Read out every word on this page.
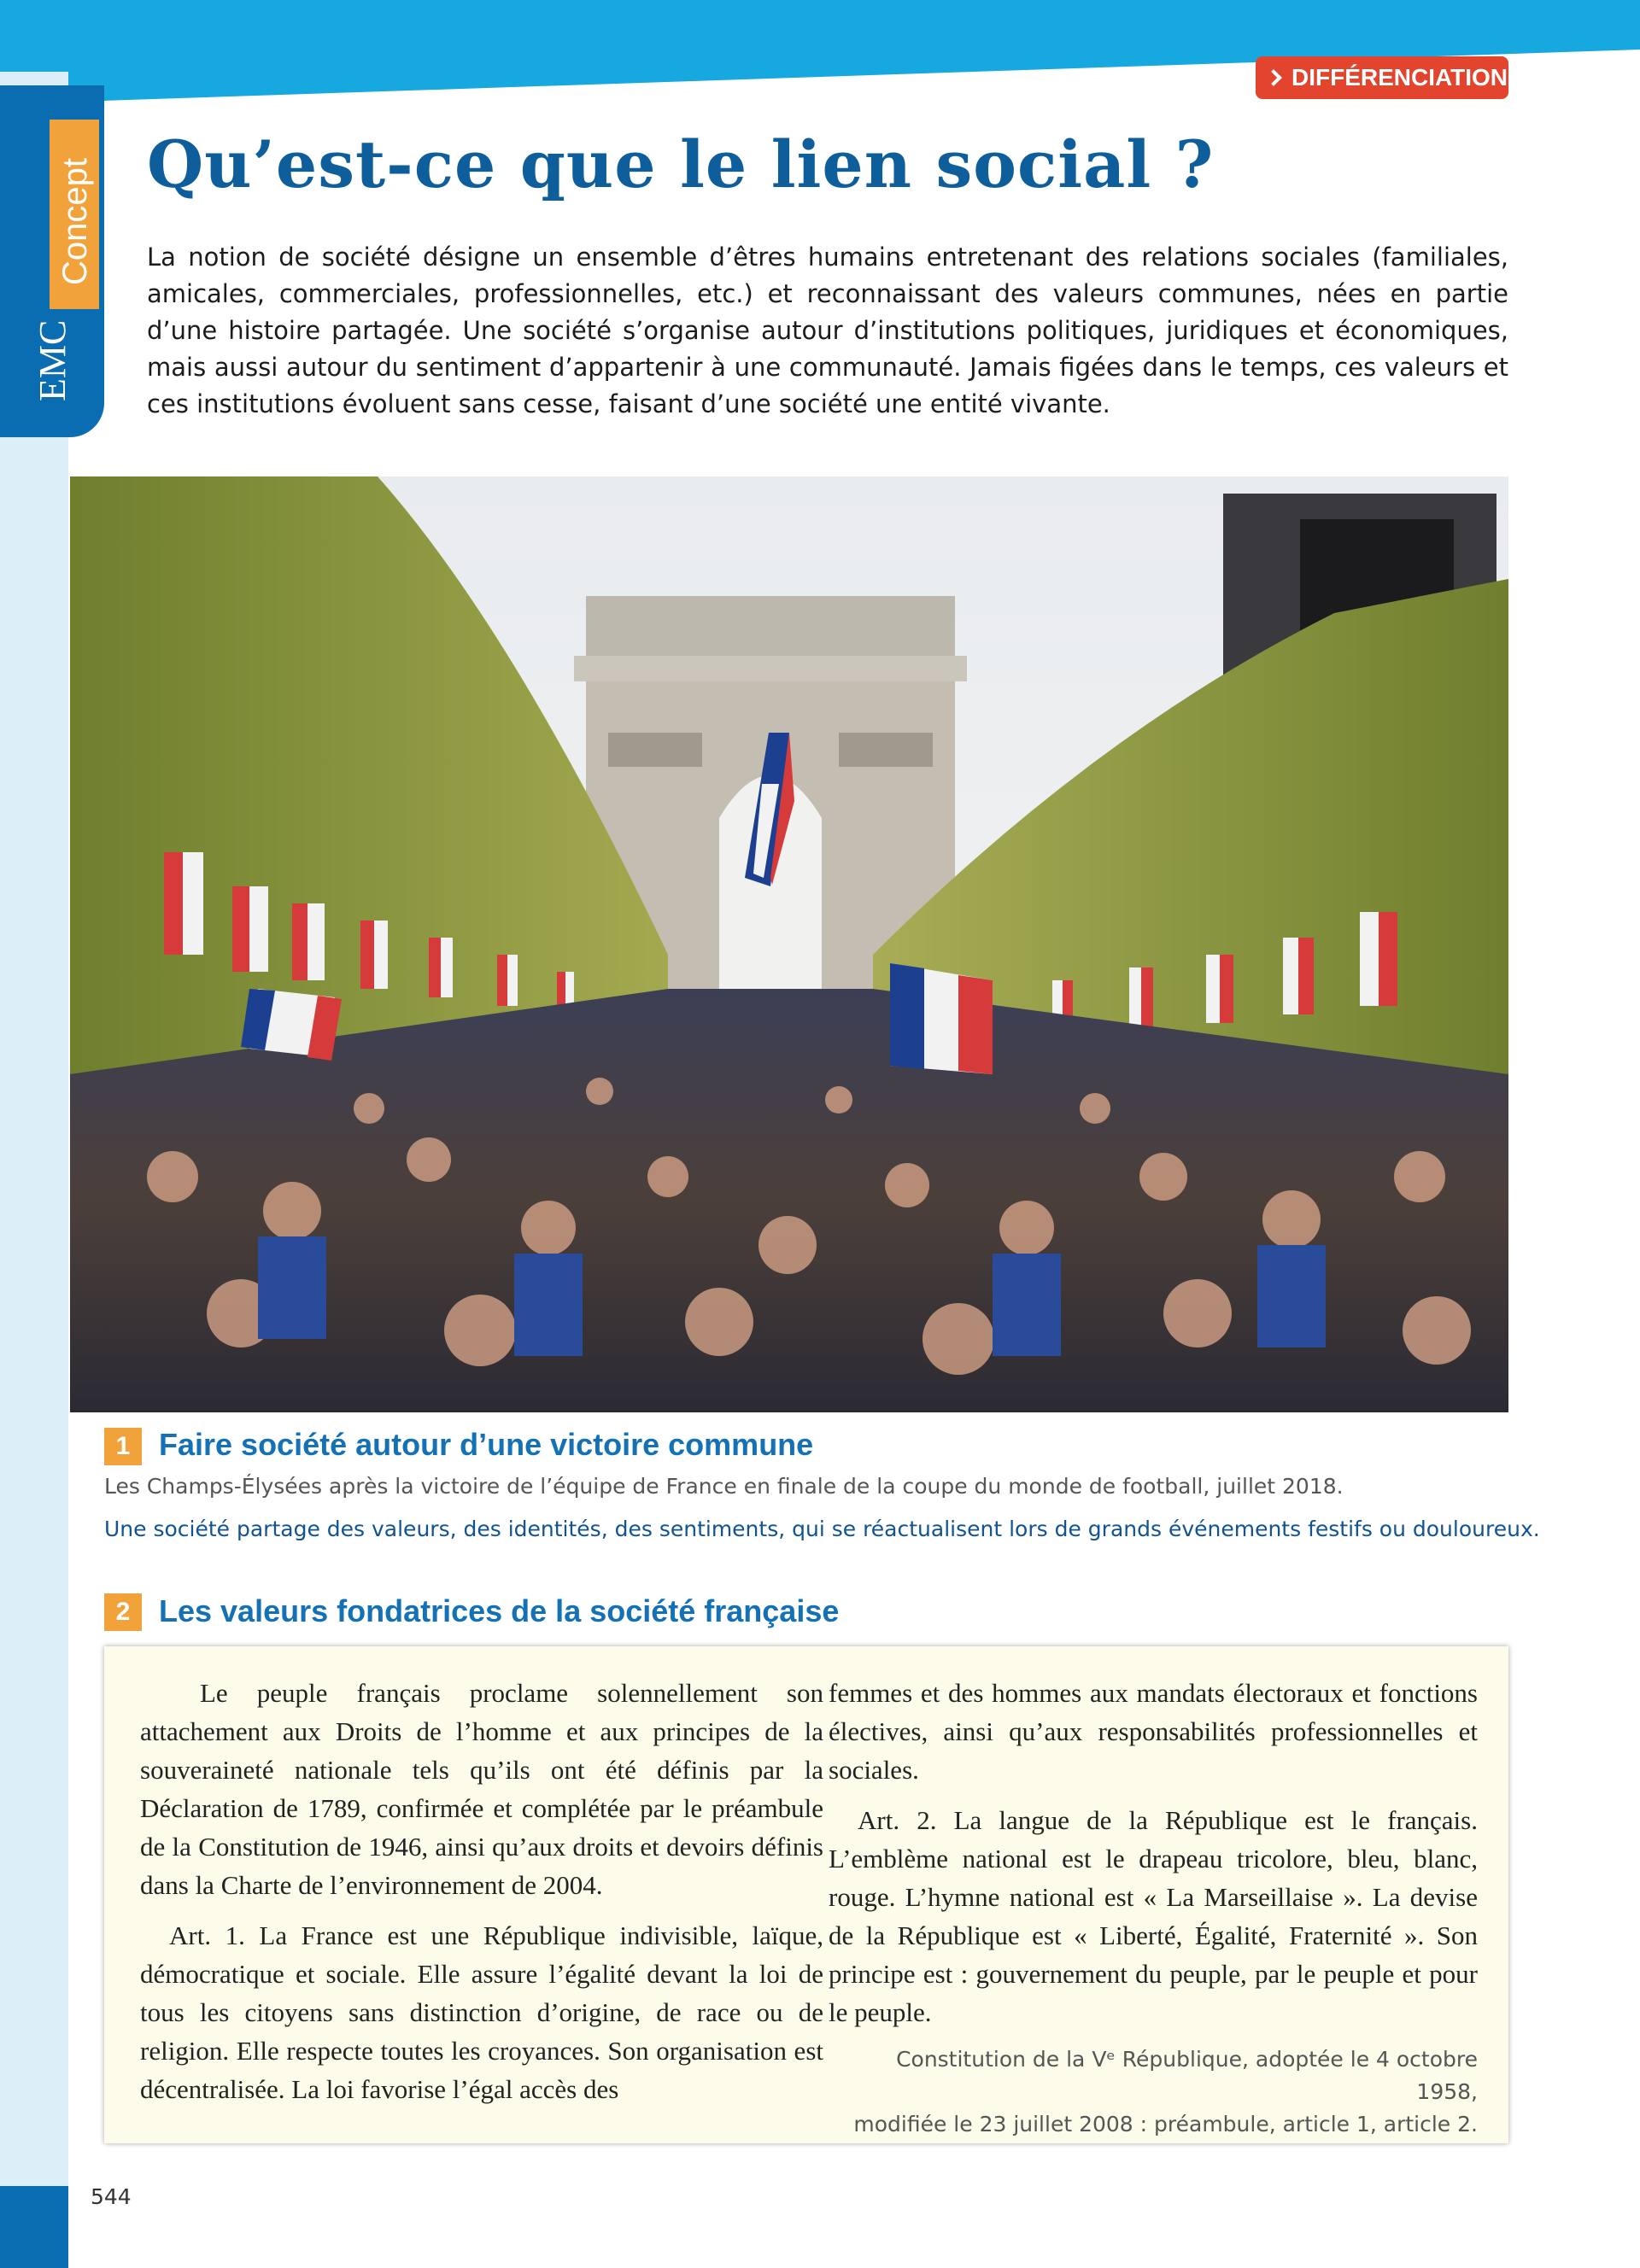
Concept
EMC
DIFFÉRENCIATION
Qu’est-ce que le lien social ?

La notion de société désigne un ensemble d’êtres humains entretenant des relations sociales (familiales, amicales, commerciales, professionnelles, etc.) et reconnaissant des valeurs communes, nées en partie d’une histoire partagée. Une société s’organise autour d’institutions politiques, juridiques et économiques, mais aussi autour du sentiment d’appartenir à une communauté. Jamais figées dans le temps, ces valeurs et ces institutions évoluent sans cesse, faisant d’une société une entité vivante.

1 Faire société autour d’une victoire commune

Les Champs-Élysées après la victoire de l’équipe de France en finale de la coupe du monde de football, juillet 2018.

Une société partage des valeurs, des identités, des sentiments, qui se réactualisent lors de grands événements festifs ou douloureux.

2 Les valeurs fondatrices de la société française

Le peuple français proclame solennellement son attachement aux Droits de l’homme et aux principes de la souveraineté nationale tels qu’ils ont été définis par la Déclaration de 1789, confirmée et complétée par le préambule de la Constitution de 1946, ainsi qu’aux droits et devoirs définis dans la Charte de l’environnement de 2004.

Art. 1. La France est une République indivisible, laïque, démocratique et sociale. Elle assure l’égalité devant la loi de tous les citoyens sans distinction d’origine, de race ou de religion. Elle respecte toutes les croyances. Son organisation est décentralisée. La loi favorise l’égal accès des

femmes et des hommes aux mandats électoraux et fonctions électives, ainsi qu’aux responsabilités professionnelles et sociales.

Art. 2. La langue de la République est le français. L’emblème national est le drapeau tricolore, bleu, blanc, rouge. L’hymne national est « La Marseillaise ». La devise de la République est « Liberté, Égalité, Fraternité ». Son principe est : gouvernement du peuple, par le peuple et pour le peuple.

Constitution de la Vᵉ République, adoptée le 4 octobre 1958,
modifiée le 23 juillet 2008 : préambule, article 1, article 2.
544
